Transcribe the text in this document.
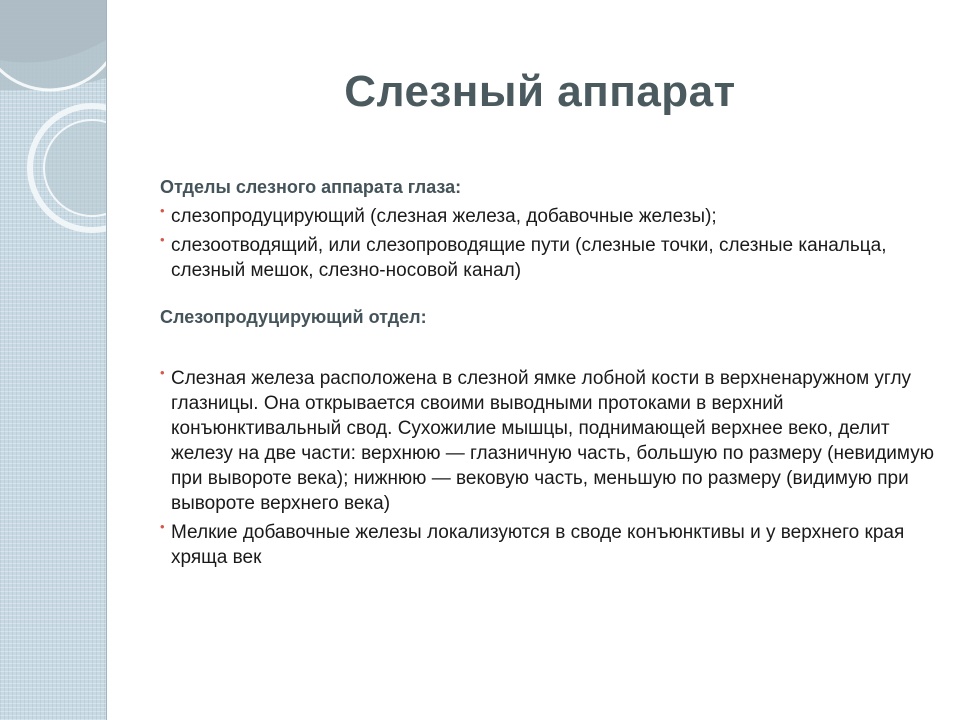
Слезный аппарат

Отделы слезного аппарата глаза:

• слезопродуцирующий (слезная железа, добавочные железы);

• слезоотводящий, или слезопроводящие пути (слезные точки, слезные канальца, слезный мешок, слезно-носовой канал)

Слезопродуцирующий отдел:

• Слезная железа расположена в слезной ямке лобной кости в верхненаружном углу глазницы. Она открывается своими выводными протоками в верхний конъюнктивальный свод. Сухожилие мышцы, поднимающей верхнее веко, делит железу на две части: верхнюю — глазничную часть, большую по размеру (невидимую при вывороте века); нижнюю — вековую часть, меньшую по размеру (видимую при вывороте верхнего века)

• Мелкие добавочные железы локализуются в своде конъюнктивы и у верхнего края хряща век
